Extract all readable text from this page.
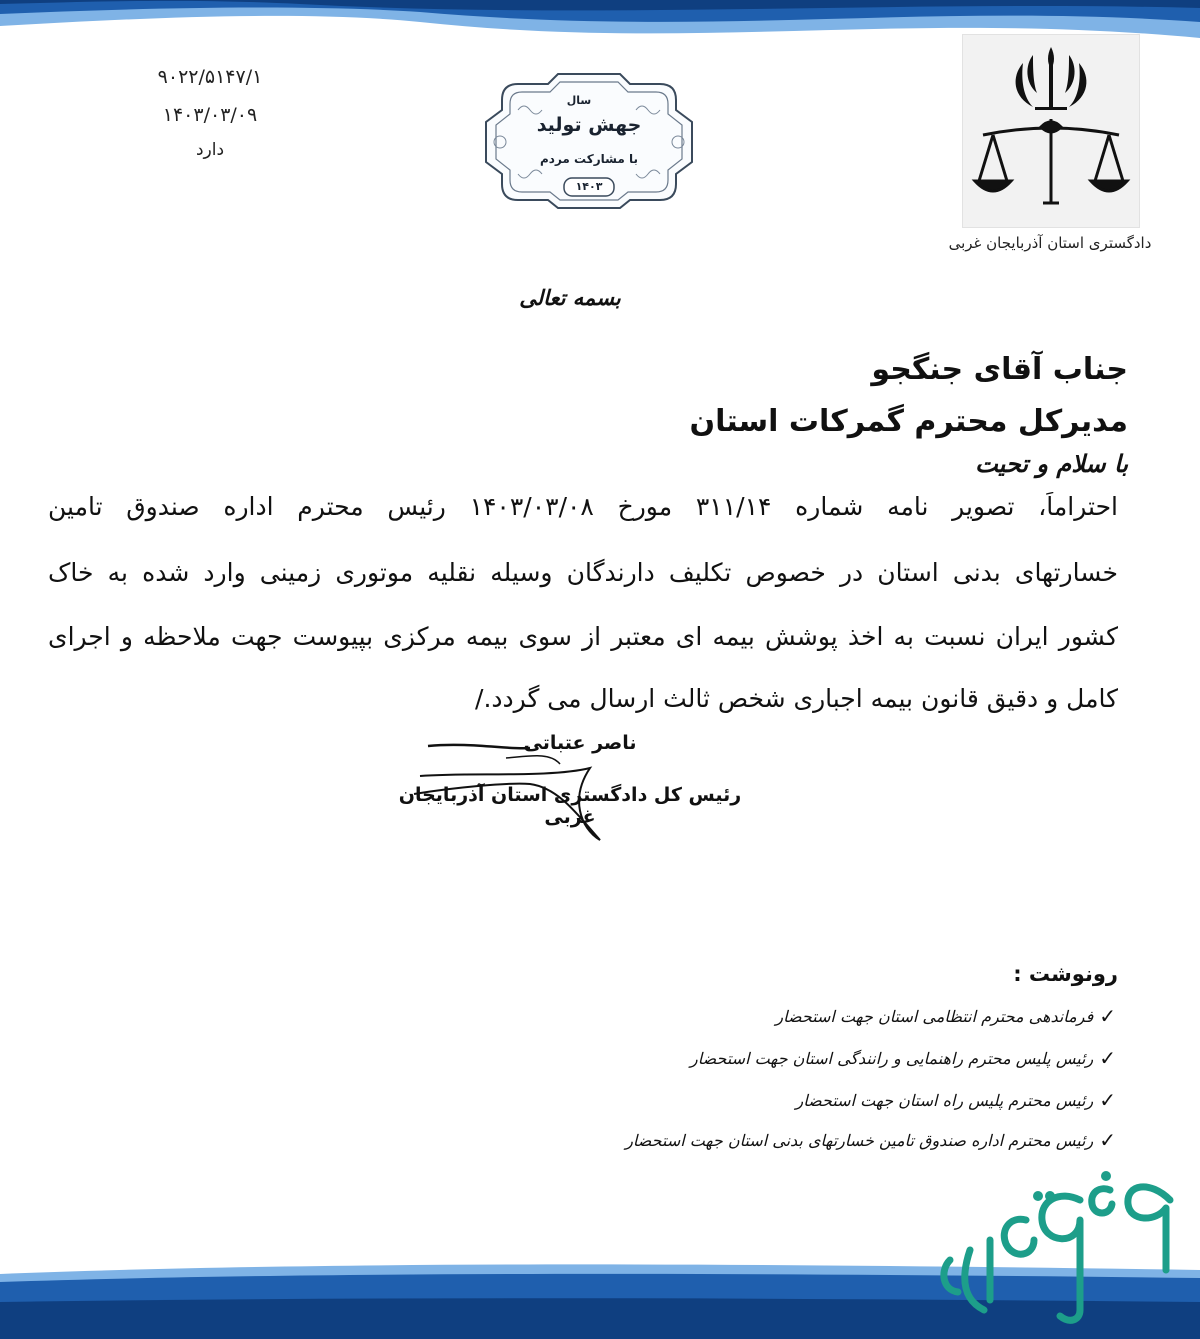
۹۰۲۲/۵۱۴۷/۱
۱۴۰۳/۰۳/۰۹
دارد
سال
جهش تولید
با مشارکت مردم
۱۴۰۳
دادگستری استان آذربایجان غربی
بسمه تعالی
جناب آقای جنگجو
مدیرکل محترم گمرکات استان
با سلام و تحیت
احتراماً، تصویر نامه شماره ۳۱۱/۱۴ مورخ ۱۴۰۳/۰۳/۰۸ رئیس محترم اداره صندوق تامین
خسارتهای بدنی استان در خصوص تکلیف دارندگان وسیله نقلیه موتوری زمینی وارد شده به خاک
کشور ایران نسبت به اخذ پوشش بیمه ای معتبر از سوی بیمه مرکزی بپیوست جهت ملاحظه و اجرای
کامل و دقیق قانون بیمه اجباری شخص ثالث ارسال می گردد./
ناصر عتباتی
رئیس کل دادگستری استان آذربایجان غربی
رونوشت :
فرماندهی محترم انتظامی استان جهت استحضار ✓
رئیس پلیس محترم راهنمایی و رانندگی استان جهت استحضار ✓
رئیس محترم پلیس راه استان جهت استحضار ✓
رئیس محترم اداره صندوق تامین خسارتهای بدنی استان جهت استحضار ✓
